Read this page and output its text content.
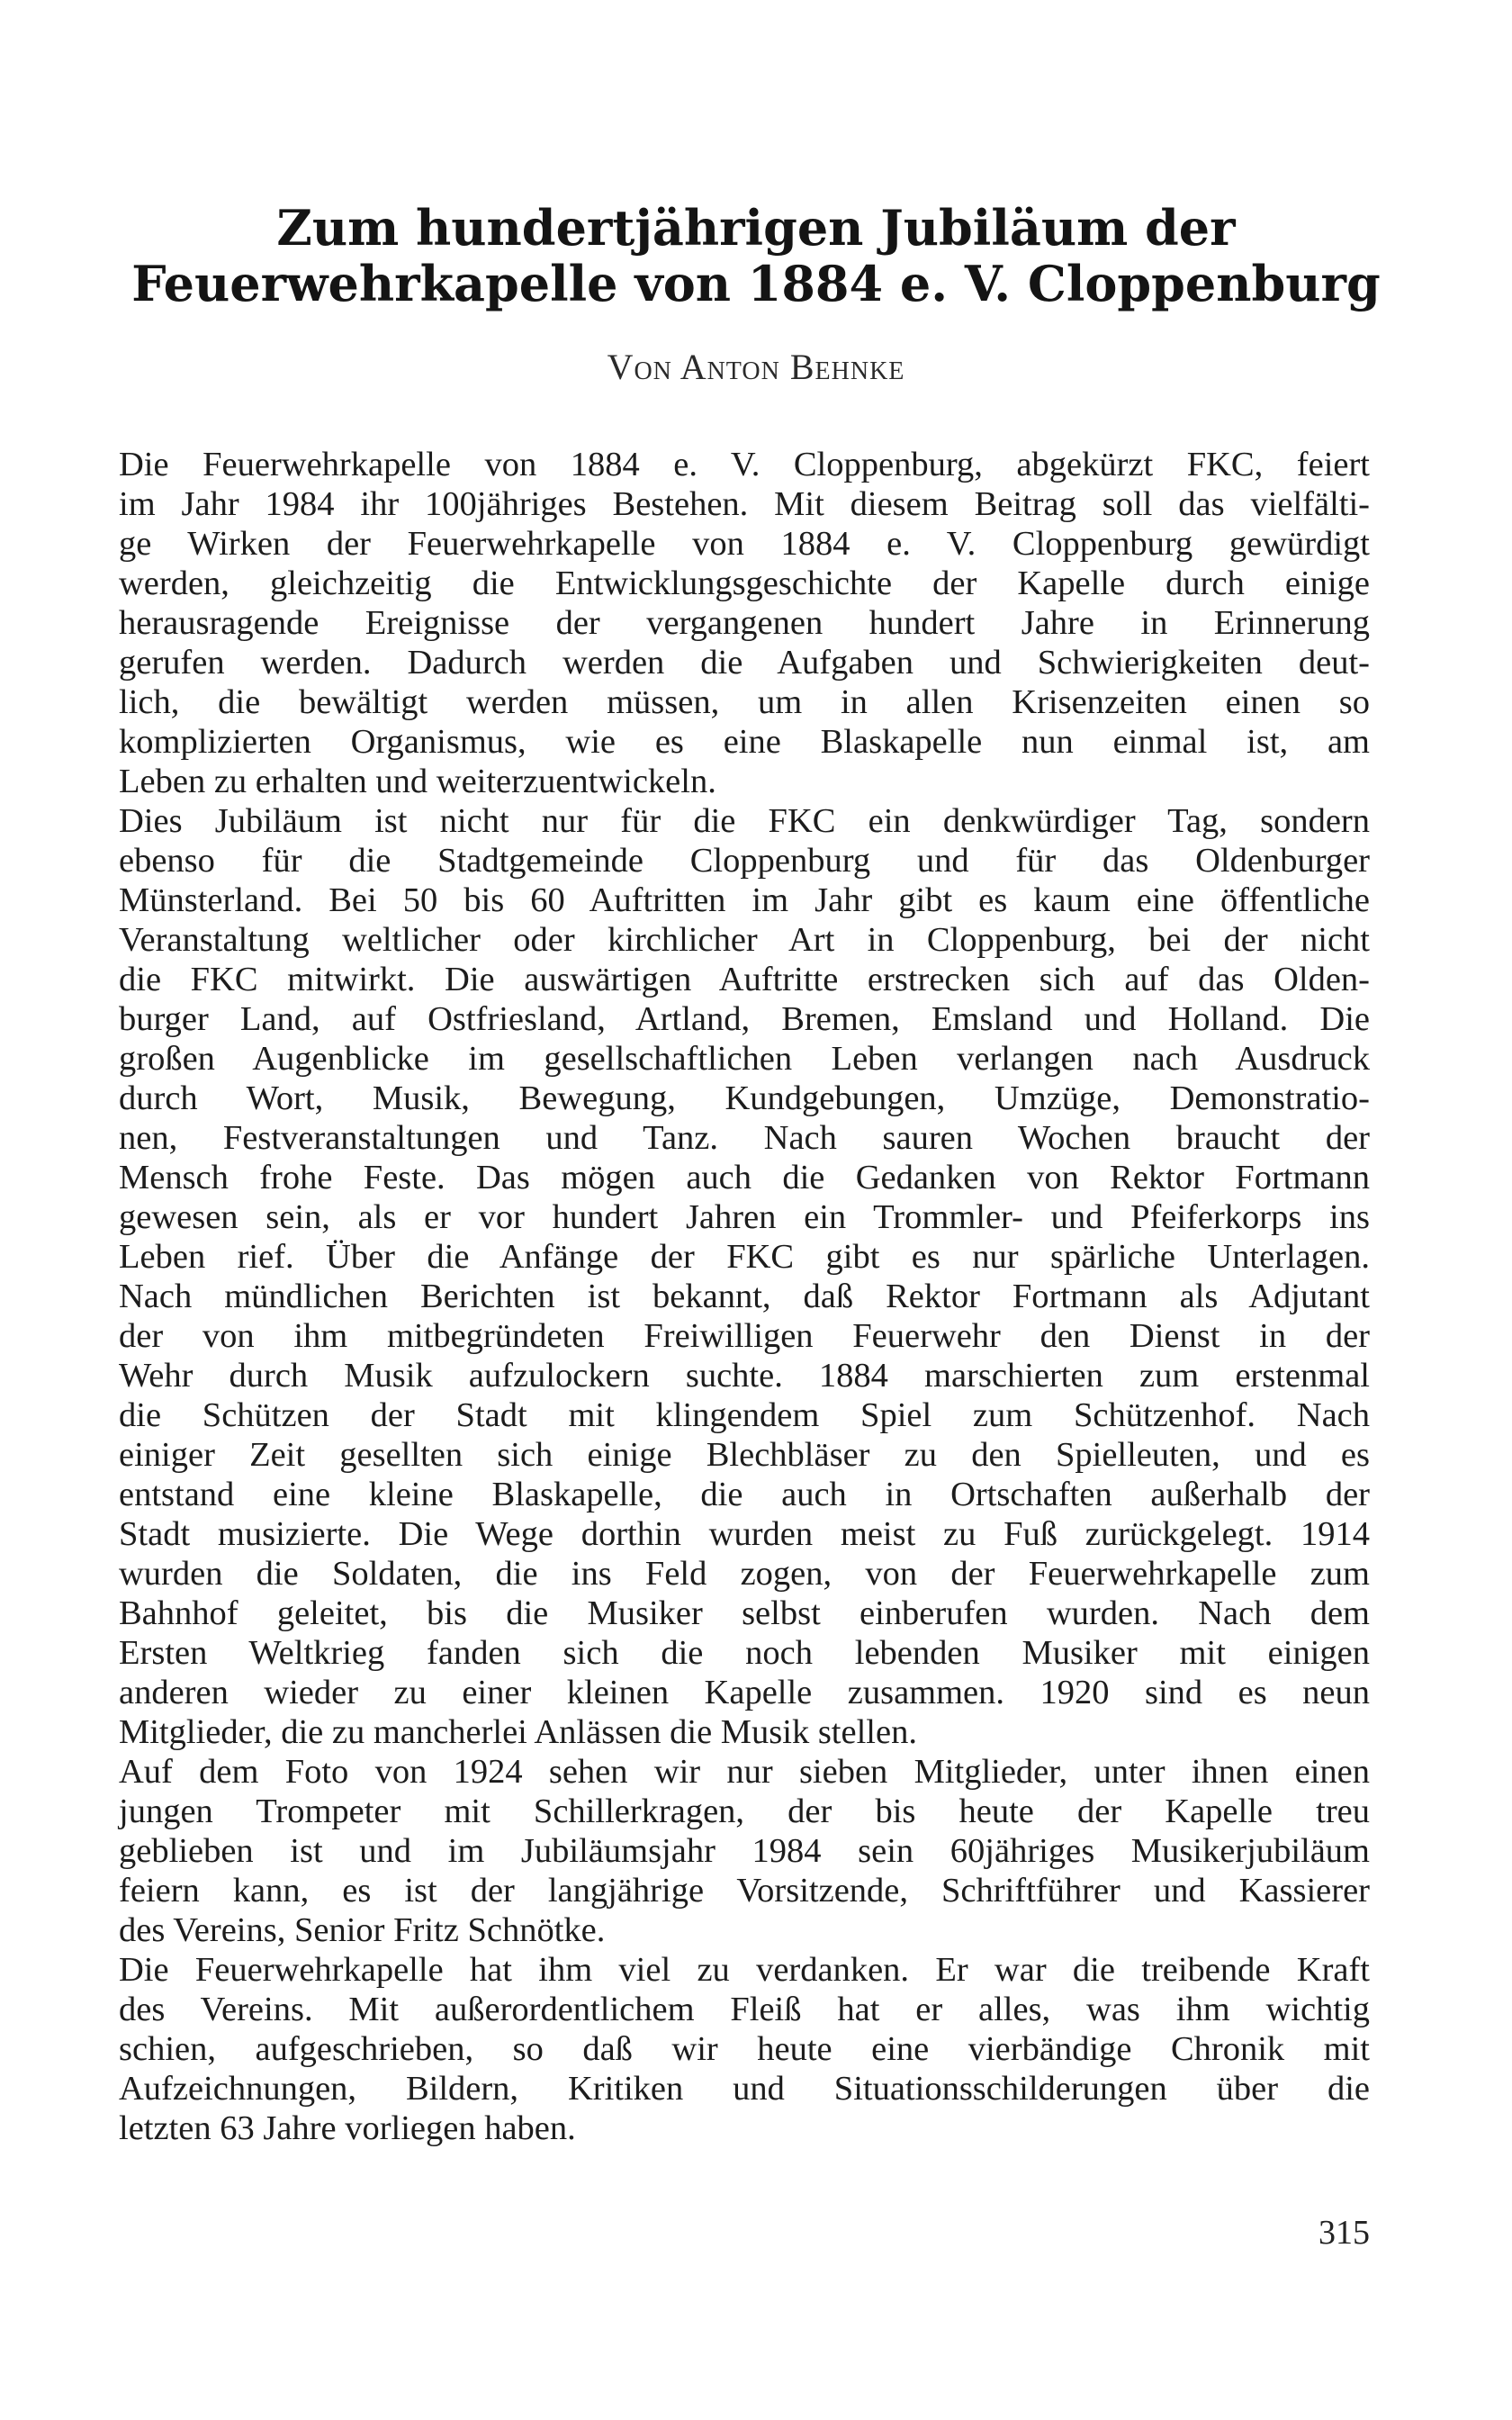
Zum hundertjährigen Jubiläum der
Feuerwehrkapelle von 1884 e. V. Cloppenburg
Von Anton Behnke
Die Feuerwehrkapelle von 1884 e. V. Cloppenburg, abgekürzt FKC, feiert
im Jahr 1984 ihr 100jähriges Bestehen. Mit diesem Beitrag soll das vielfälti-
ge Wirken der Feuerwehrkapelle von 1884 e. V. Cloppenburg gewürdigt
werden, gleichzeitig die Entwicklungsgeschichte der Kapelle durch einige
herausragende Ereignisse der vergangenen hundert Jahre in Erinnerung
gerufen werden. Dadurch werden die Aufgaben und Schwierigkeiten deut-
lich, die bewältigt werden müssen, um in allen Krisenzeiten einen so
komplizierten Organismus, wie es eine Blaskapelle nun einmal ist, am
Leben zu erhalten und weiterzuentwickeln.
Dies Jubiläum ist nicht nur für die FKC ein denkwürdiger Tag, sondern
ebenso für die Stadtgemeinde Cloppenburg und für das Oldenburger
Münsterland. Bei 50 bis 60 Auftritten im Jahr gibt es kaum eine öffentliche
Veranstaltung weltlicher oder kirchlicher Art in Cloppenburg, bei der nicht
die FKC mitwirkt. Die auswärtigen Auftritte erstrecken sich auf das Olden-
burger Land, auf Ostfriesland, Artland, Bremen, Emsland und Holland. Die
großen Augenblicke im gesellschaftlichen Leben verlangen nach Ausdruck
durch Wort, Musik, Bewegung, Kundgebungen, Umzüge, Demonstratio-
nen, Festveranstaltungen und Tanz. Nach sauren Wochen braucht der
Mensch frohe Feste. Das mögen auch die Gedanken von Rektor Fortmann
gewesen sein, als er vor hundert Jahren ein Trommler- und Pfeiferkorps ins
Leben rief. Über die Anfänge der FKC gibt es nur spärliche Unterlagen.
Nach mündlichen Berichten ist bekannt, daß Rektor Fortmann als Adjutant
der von ihm mitbegründeten Freiwilligen Feuerwehr den Dienst in der
Wehr durch Musik aufzulockern suchte. 1884 marschierten zum erstenmal
die Schützen der Stadt mit klingendem Spiel zum Schützenhof. Nach
einiger Zeit gesellten sich einige Blechbläser zu den Spielleuten, und es
entstand eine kleine Blaskapelle, die auch in Ortschaften außerhalb der
Stadt musizierte. Die Wege dorthin wurden meist zu Fuß zurückgelegt. 1914
wurden die Soldaten, die ins Feld zogen, von der Feuerwehrkapelle zum
Bahnhof geleitet, bis die Musiker selbst einberufen wurden. Nach dem
Ersten Weltkrieg fanden sich die noch lebenden Musiker mit einigen
anderen wieder zu einer kleinen Kapelle zusammen. 1920 sind es neun
Mitglieder, die zu mancherlei Anlässen die Musik stellen.
Auf dem Foto von 1924 sehen wir nur sieben Mitglieder, unter ihnen einen
jungen Trompeter mit Schillerkragen, der bis heute der Kapelle treu
geblieben ist und im Jubiläumsjahr 1984 sein 60jähriges Musikerjubiläum
feiern kann, es ist der langjährige Vorsitzende, Schriftführer und Kassierer
des Vereins, Senior Fritz Schnötke.
Die Feuerwehrkapelle hat ihm viel zu verdanken. Er war die treibende Kraft
des Vereins. Mit außerordentlichem Fleiß hat er alles, was ihm wichtig
schien, aufgeschrieben, so daß wir heute eine vierbändige Chronik mit
Aufzeichnungen, Bildern, Kritiken und Situationsschilderungen über die
letzten 63 Jahre vorliegen haben.
315
